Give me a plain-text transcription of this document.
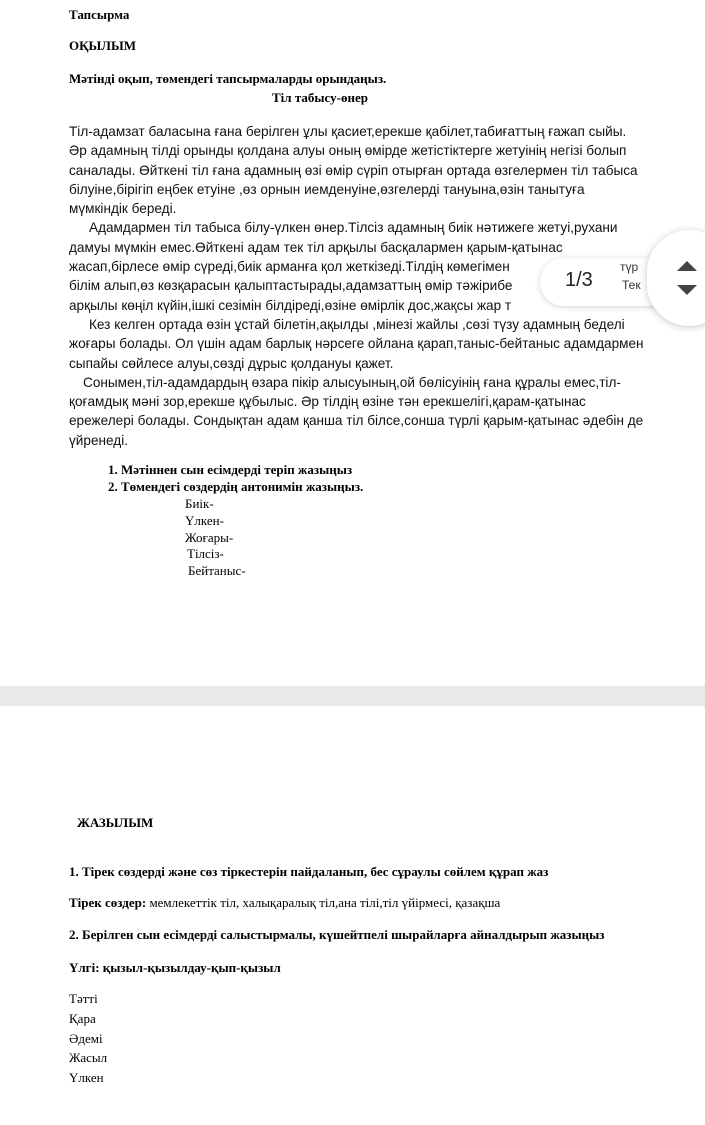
Тапсырма
ОҚЫЛЫМ
Мәтінді оқып, төмендегі тапсырмаларды орындаңыз.
Тіл табысу-өнер
Тіл-адамзат баласына ғана берілген ұлы қасиет,ерекше қабілет,табиғаттың ғажап сыйы.
Әр адамның тілді орынды қолдана алуы оның өмірде жетістіктерге жетуінің негізі болып
саналады. Өйткені тіл ғана адамның өзі өмір сүріп отырған ортада өзгелермен тіл табыса
білуіне,бірігіп еңбек етуіне ,өз орнын иемденуіне,өзгелерді тануына,өзін танытуға
мүмкіндік береді.
Адамдармен тіл табыса білу-үлкен өнер.Тілсіз адамның биік нәтижеге жетуі,рухани
дамуы мүмкін емес.Өйткені адам тек тіл арқылы басқалармен қарым-қатынас
жасап,бірлесе өмір сүреді,биік арманға қол жеткізеді.Тілдің көмегімен
білім алып,өз көзқарасын қалыптастырады,адамзаттың өмір тәжірибе
арқылы көңіл күйін,ішкі сезімін білдіреді,өзіне өмірлік дос,жақсы жар т
Кез келген ортада өзін ұстай білетін,ақылды ,мінезі жайлы ,сөзі түзу адамның беделі
жоғары болады. Ол үшін адам барлық нәрсеге ойлана қарап,таныс-бейтаныс адамдармен
сыпайы сөйлесе алуы,сөзді дұрыс қолдануы қажет.
Сонымен,тіл-адамдардың өзара пікір алысуының,ой бөлісуінің ғана құралы емес,тіл-
қоғамдық мәні зор,ерекше құбылыс. Әр тілдің өзіне тән ерекшелігі,қарам-қатынас
ережелері болады. Сондықтан адам қанша тіл білсе,сонша түрлі қарым-қатынас әдебін де
үйренеді.
1. Мәтіннен сын есімдерді теріп жазыңыз
2. Төмендегі сөздердің антонимін жазыңыз.
Биік-
Үлкен-
Жоғары-
Тілсіз-
Бейтаныс-
ЖАЗЫЛЫМ
1. Тірек сөздерді және сөз тіркестерін пайдаланып, бес сұраулы сөйлем құрап жаз
Тірек сөздер: мемлекеттік тіл, халықаралық тіл,ана тілі,тіл үйірмесі, қазақша
2. Берілген сын есімдерді салыстырмалы, күшейтпелі шырайларға айналдырып жазыңыз
Үлгі: қызыл-қызылдау-қып-қызыл
Тәтті
Қара
Әдемі
Жасыл
Үлкен
түр
Тек
1/3
